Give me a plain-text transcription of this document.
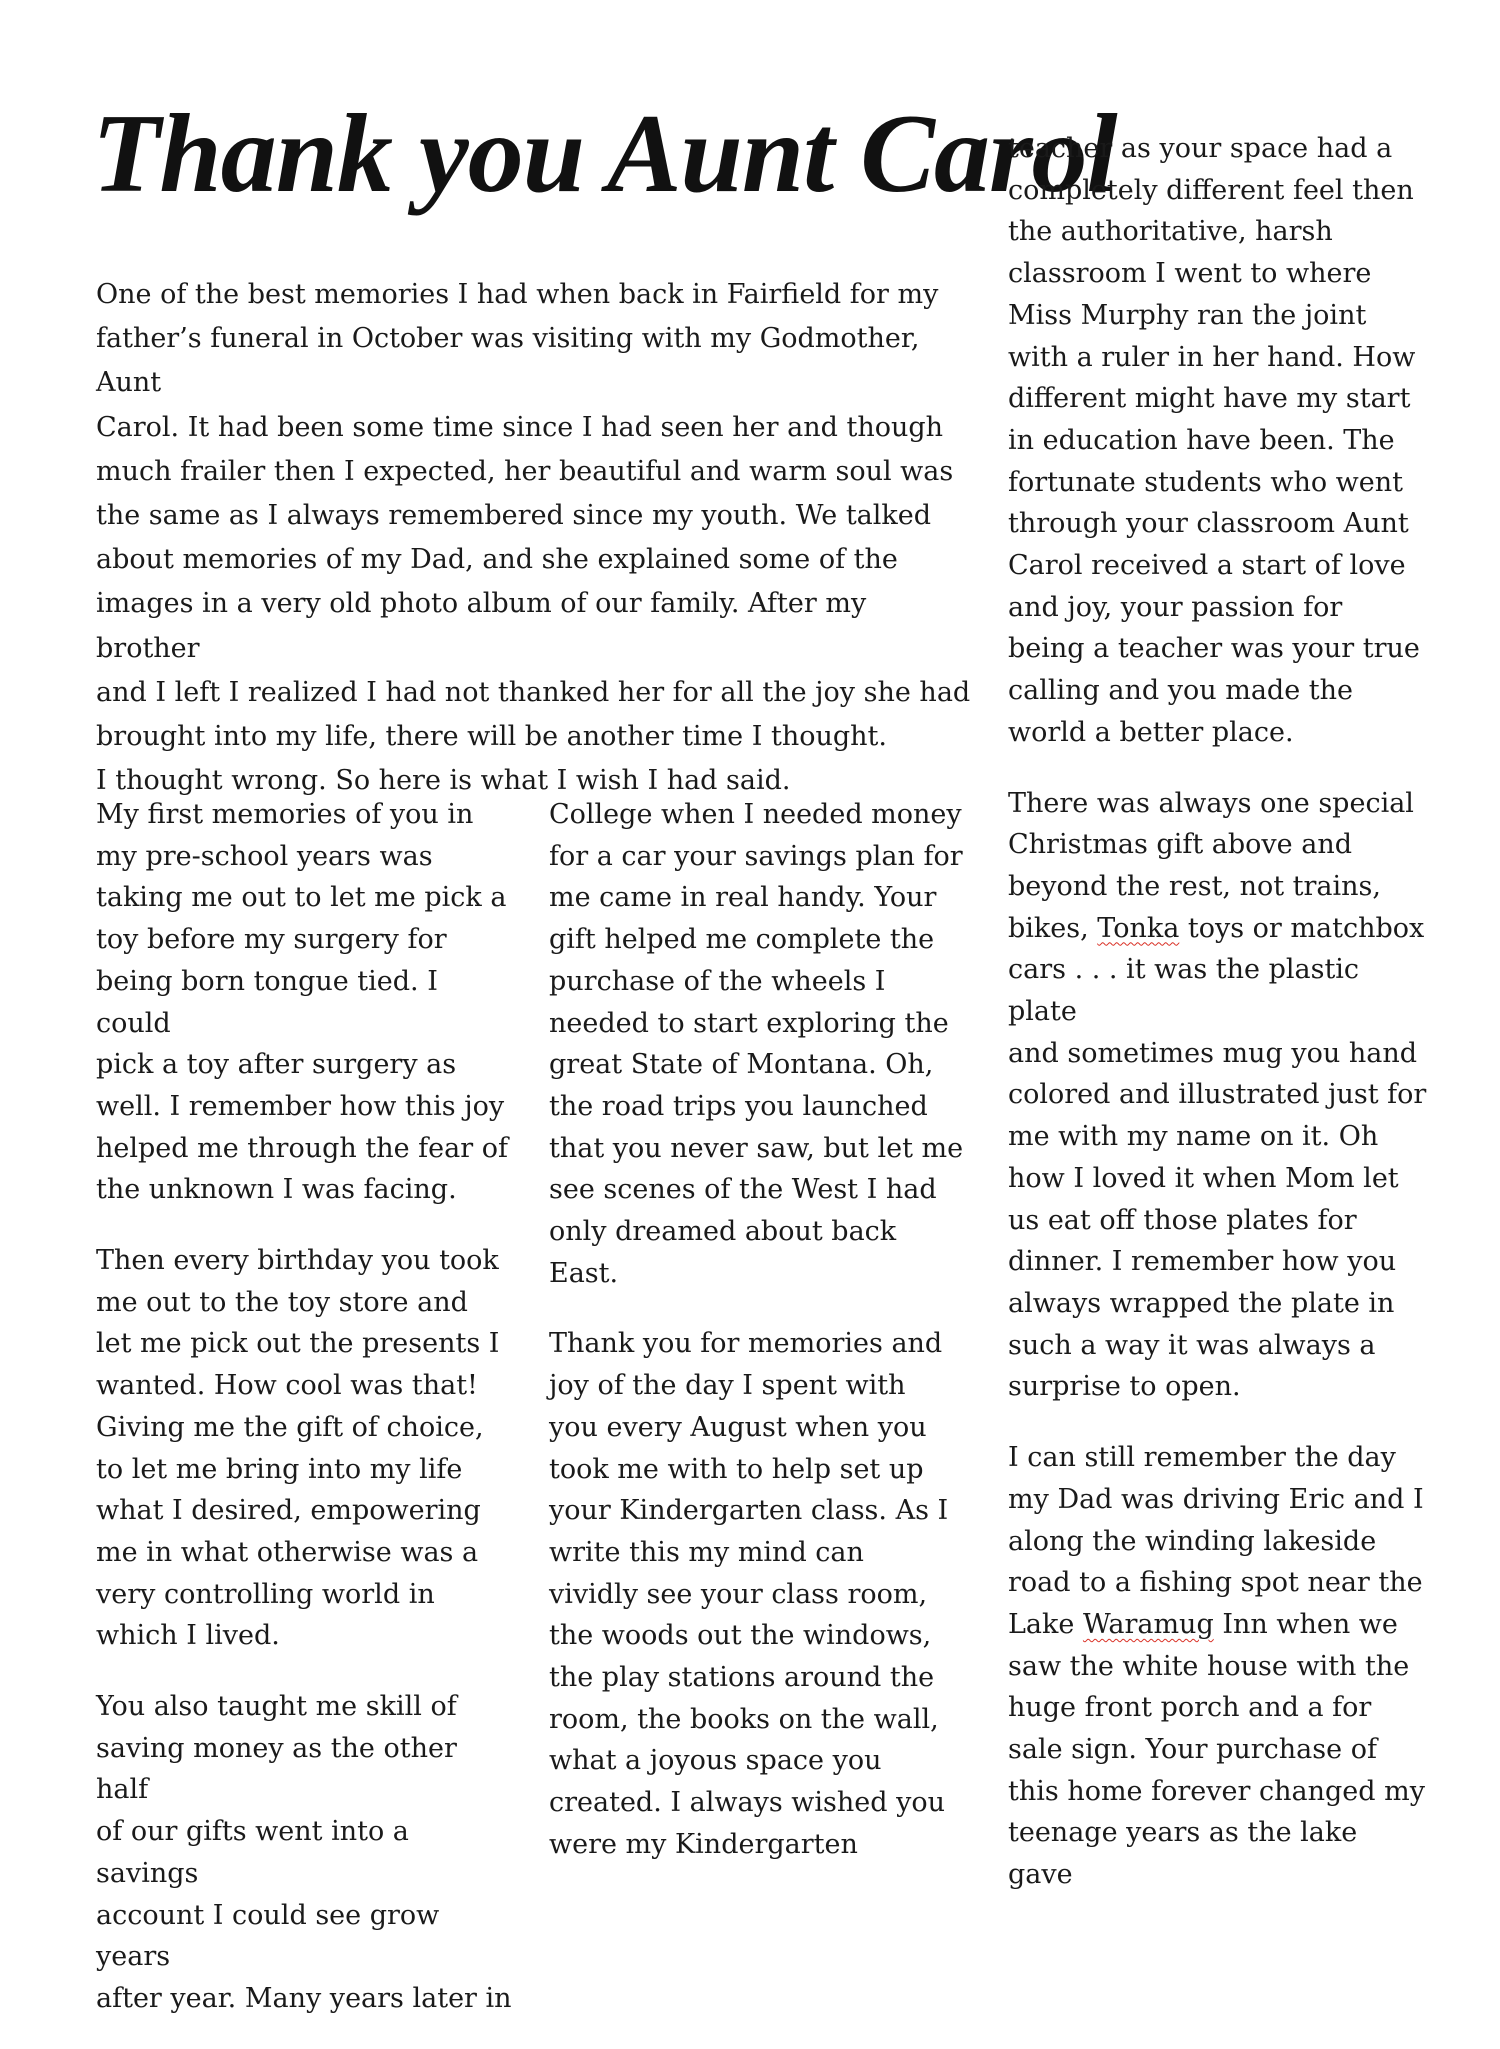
Thank you Aunt Carol

One of the best memories I had when back in Fairfield for my
father’s funeral in October was visiting with my Godmother, Aunt
Carol. It had been some time since I had seen her and though
much frailer then I expected, her beautiful and warm soul was
the same as I always remembered since my youth. We talked
about memories of my Dad, and she explained some of the
images in a very old photo album of our family. After my brother
and I left I realized I had not thanked her for all the joy she had
brought into my life, there will be another time I thought.
I thought wrong. So here is what I wish I had said.

My first memories of you in
my pre-school years was
taking me out to let me pick a
toy before my surgery for
being born tongue tied. I could
pick a toy after surgery as
well. I remember how this joy
helped me through the fear of
the unknown I was facing.

Then every birthday you took
me out to the toy store and
let me pick out the presents I
wanted. How cool was that!
Giving me the gift of choice,
to let me bring into my life
what I desired, empowering
me in what otherwise was a
very controlling world in
which I lived.

You also taught me skill of
saving money as the other half
of our gifts went into a savings
account I could see grow years
after year. Many years later in

College when I needed money
for a car your savings plan for
me came in real handy. Your
gift helped me complete the
purchase of the wheels I
needed to start exploring the
great State of Montana. Oh,
the road trips you launched
that you never saw, but let me
see scenes of the West I had
only dreamed about back East.

Thank you for memories and
joy of the day I spent with
you every August when you
took me with to help set up
your Kindergarten class. As I
write this my mind can
vividly see your class room,
the woods out the windows,
the play stations around the
room, the books on the wall,
what a joyous space you
created. I always wished you
were my Kindergarten

teacher as your space had a
completely different feel then
the authoritative, harsh
classroom I went to where
Miss Murphy ran the joint
with a ruler in her hand. How
different might have my start
in education have been. The
fortunate students who went
through your classroom Aunt
Carol received a start of love
and joy, your passion for
being a teacher was your true
calling and you made the
world a better place.

There was always one special
Christmas gift above and
beyond the rest, not trains,
bikes, Tonka toys or matchbox
cars . . . it was the plastic plate
and sometimes mug you hand
colored and illustrated just for
me with my name on it. Oh
how I loved it when Mom let
us eat off those plates for
dinner. I remember how you
always wrapped the plate in
such a way it was always a
surprise to open.

I can still remember the day
my Dad was driving Eric and I
along the winding lakeside
road to a fishing spot near the
Lake Waramug Inn when we
saw the white house with the
huge front porch and a for
sale sign. Your purchase of
this home forever changed my
teenage years as the lake gave
